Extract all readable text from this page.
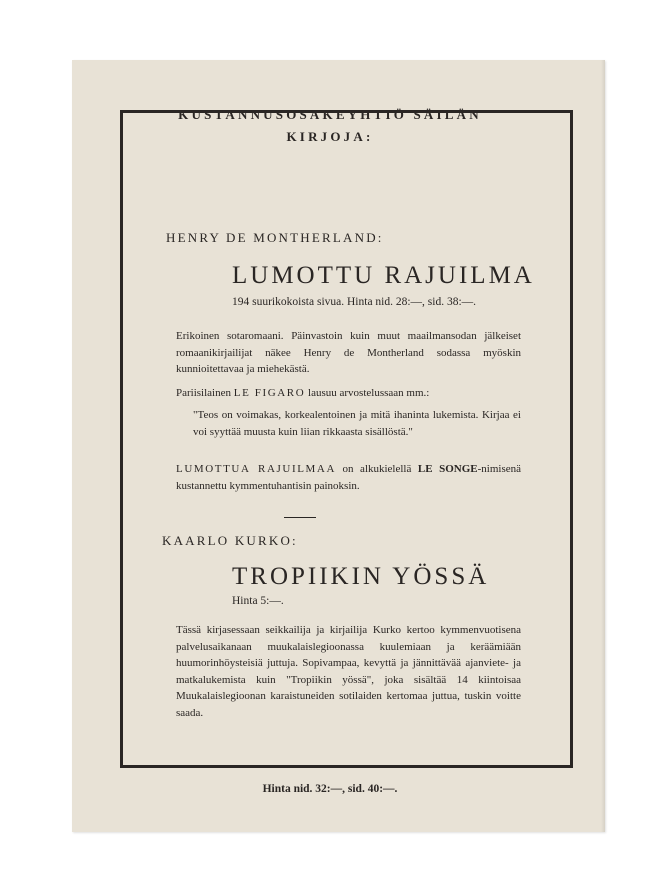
KUSTANNUSOSAKEYHTIÖ SÄILÄN
KIRJOJA:
HENRY DE MONTHERLAND:
LUMOTTU RAJUILMA
194 suurikokoista sivua. Hinta nid. 28:—, sid. 38:—.

Erikoinen sotaromaani. Päinvastoin kuin muut maailmansodan jälkeiset romaanikirjailijat näkee Henry de Montherland sodassa myöskin kunnioitettavaa ja miehekästä.

Pariisilainen LE FIGARO lausuu arvostelussaan mm.:

"Teos on voimakas, korkealentoinen ja mitä ihaninta lukemista. Kirjaa ei voi syyttää muusta kuin liian rikkaasta sisällöstä."

LUMOTTUA RAJUILMAA on alkukielellä LE SONGE-nimisenä kustannettu kymmentuhantisin painoksin.
KAARLO KURKO:
TROPIIKIN YÖSSÄ
Hinta 5:—.

Tässä kirjasessaan seikkailija ja kirjailija Kurko kertoo kymmenvuotisena palvelusaikanaan muukalaislegioonassa kuulemiaan ja keräämiään huumorinhöysteisiä juttuja. Sopivampaa, kevyttä ja jännittävää ajanviete- ja matkalukemista kuin "Tropiikin yössä", joka sisältää 14 kiintoisaa Muukalaislegioonan karaistuneiden sotilaiden kertomaa juttua, tuskin voitte saada.

Hinta nid. 32:—, sid. 40:—.
